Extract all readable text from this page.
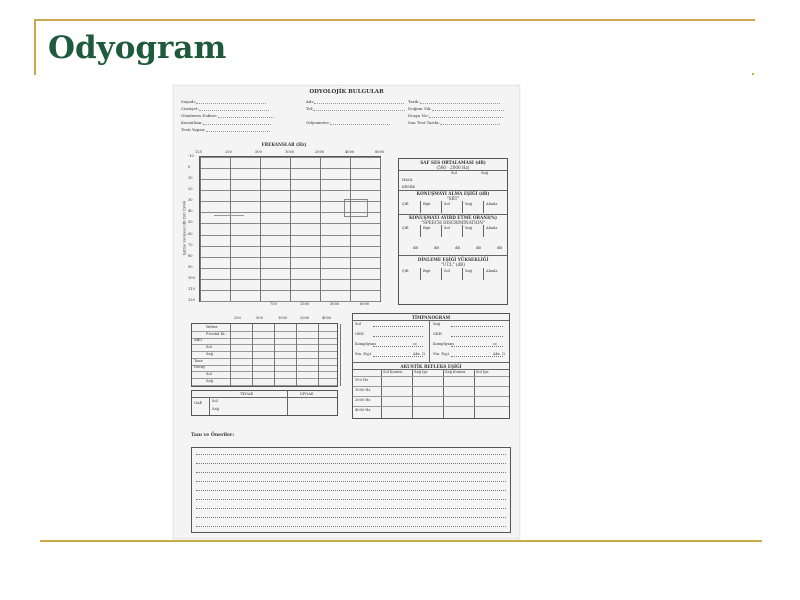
Odyogram
ODYOLOJİK BULGULAR
Soyadı:
Cinsiyet:
Gönderen Doktor:
Konsültan:
Testi Yapan:
Adı:
Tel:
Odyometre:
Tarih:
Doğum Yılı:
Dosya No:
Son Test Tarihi:
FREKANSLAR (Hz)
125	250	500	1000	2000	4000	8000
-10
0
10
20
30
40
50
60
70
80
90
100
110
120
İşitme Seviyesi (dB ISO 1964)
750	1500	3000	6000
SAF SES ORTALAMASI (dB)
(500 · 2000 Hz)
Sol	Sağ
HAVA
KEMİK
KONUŞMAYI ALMA EŞİĞİ (dB)
"SRT"
Çift	Bipt	Sol	Sağ	Alanla
KONUŞMAYI AYIRD ETME ORANI(%)
"SPEECH DISCRIMINATION"
Çift	Bipt	Sol	Sağ	Alanla
dB	dB	dB	dB	dB
DİNLEME EŞİĞİ YÜKSEKLİĞİ
"UCL" (dB)
Çift	Bipt	Sol	Sağ	Alanla
250	500	1000	2000	4000
Weber
Frontal Kt.
ABG
Sol
Sağ
Tone
Decay
Sol
Sağ
OAE
TEOAE	DPOAE
Sol
Sağ
TİMPANOGRAM
Sol
OKH
Kompliyans	cc
Sta. Eşçi	Abs. O
Sağ
OKH
Kompliyans	cc
Sta. Eşçi	Abs. O
AKUSTİK REFLEKS EŞİĞİ
Sol Kontra	Sağ İps	Sağ Kontra	Sol İps
500 Hz
1000 Hz
2000 Hz
4000 Hz
Tanı ve Öneriler:
